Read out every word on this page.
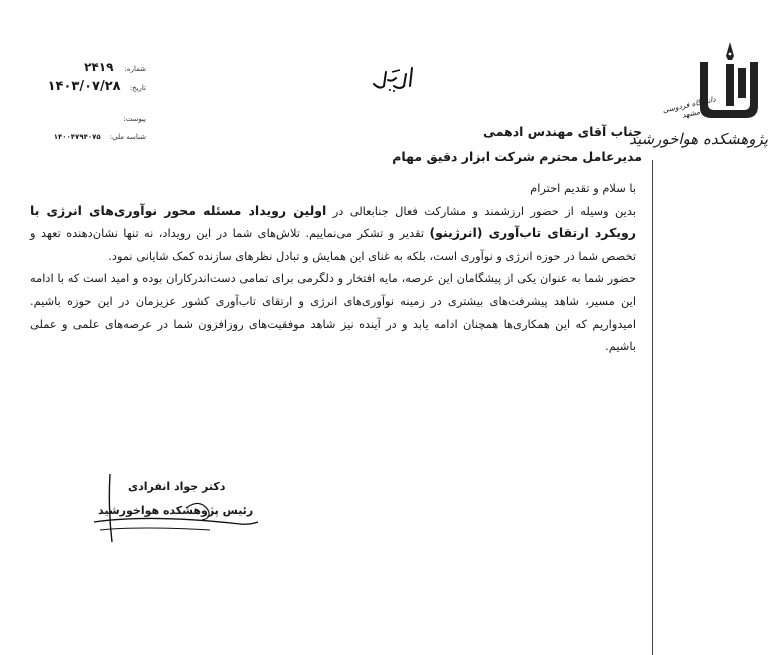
دانشگاه فردوسی مشهد
پژوهشکده هواخورشید
شماره: ۲۴۱۹
تاریخ: ۱۴۰۳/۰۷/۲۸
پیوست:
شناسه ملی: ۱۴۰۰۴۷۹۴۰۷۵	جناب آقای مهندس ادهمی
مدیرعامل محترم شرکت ابزار دقیق مهام

با سلام و تقدیم احترام

بدین وسیله از حضور ارزشمند و مشارکت فعال جنابعالی در اولین رویداد مسئله محور نوآوری‌های انرژی با رویکرد ارتقای تاب‌آوری (انرژینو) تقدیر و تشکر می‌نماییم. تلاش‌های شما در این رویداد، نه تنها نشان‌دهنده تعهد و تخصص شما در حوزه انرژی و نوآوری است، بلکه به غنای این همایش و تبادل نظرهای سازنده کمک شایانی نمود.

حضور شما به عنوان یکی از پیشگامان این عرصه، مایه افتخار و دلگرمی برای تمامی دست‌اندرکاران بوده و امید است که با ادامه این مسیر، شاهد پیشرفت‌های بیشتری در زمینه نوآوری‌های انرژی و ارتقای تاب‌آوری کشور عزیزمان در این حوزه باشیم. امیدواریم که این همکاری‌ها همچنان ادامه یابد و در آینده نیز شاهد موفقیت‌های روزافزون شما در عرصه‌های علمی و عملی باشیم.

دکتر جواد انفرادی
رئیس پژوهشکده هواخورشید
